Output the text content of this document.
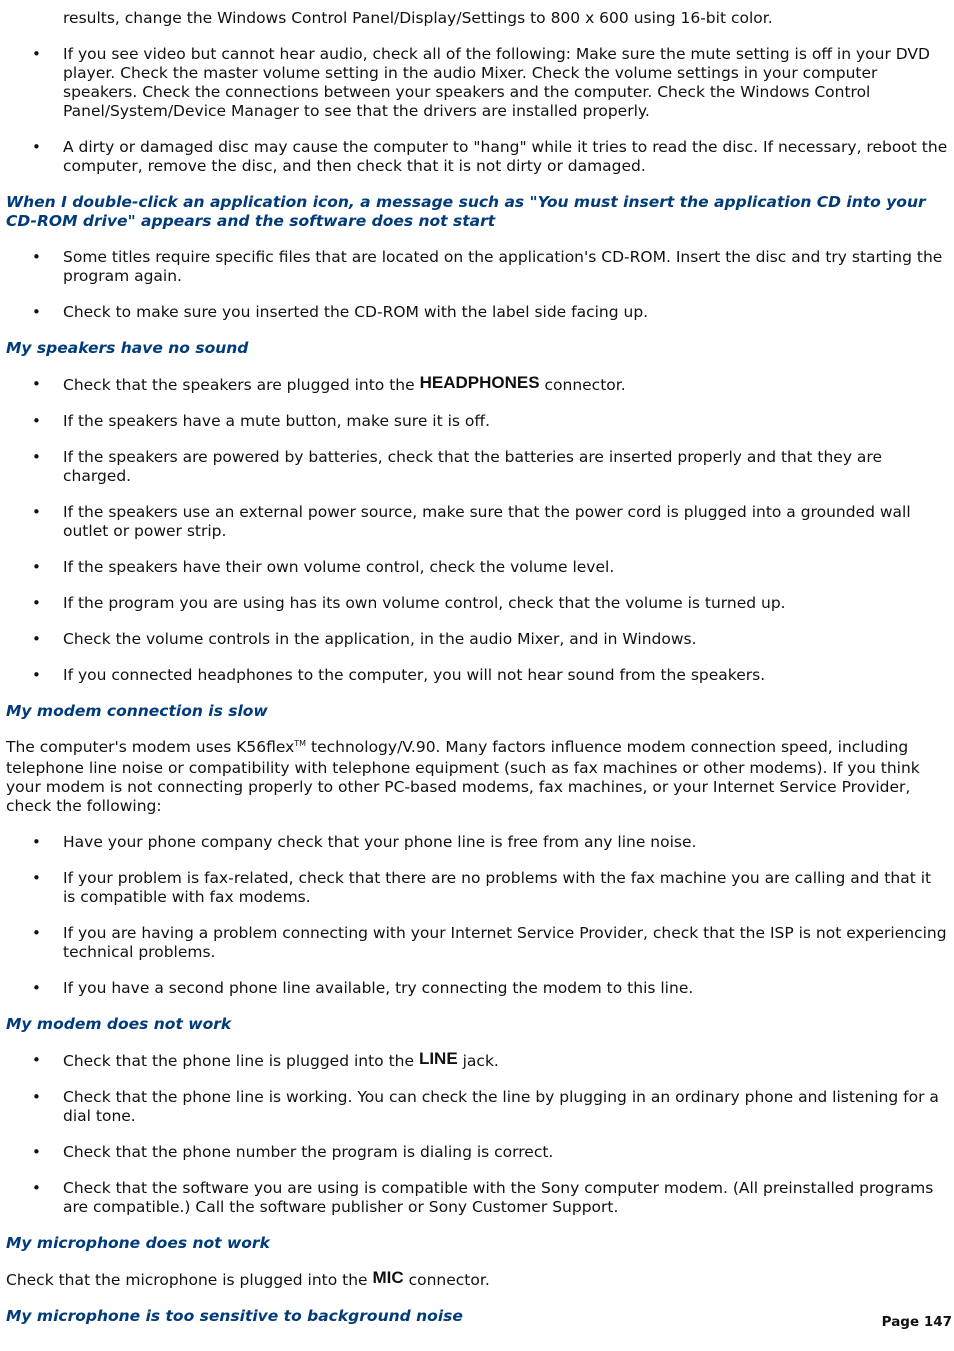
results, change the Windows Control Panel/Display/Settings to 800 x 600 using 16-bit color.
• If you see video but cannot hear audio, check all of the following: Make sure the mute setting is off in your DVD player. Check the master volume setting in the audio Mixer. Check the volume settings in your computer speakers. Check the connections between your speakers and the computer. Check the Windows Control Panel/System/Device Manager to see that the drivers are installed properly.
• A dirty or damaged disc may cause the computer to "hang" while it tries to read the disc. If necessary, reboot the computer, remove the disc, and then check that it is not dirty or damaged.
When I double-click an application icon, a message such as "You must insert the application CD into your CD-ROM drive" appears and the software does not start
• Some titles require specific files that are located on the application's CD-ROM. Insert the disc and try starting the program again.
• Check to make sure you inserted the CD-ROM with the label side facing up.
My speakers have no sound
• Check that the speakers are plugged into the HEADPHONES connector.
• If the speakers have a mute button, make sure it is off.
• If the speakers are powered by batteries, check that the batteries are inserted properly and that they are charged.
• If the speakers use an external power source, make sure that the power cord is plugged into a grounded wall outlet or power strip.
• If the speakers have their own volume control, check the volume level.
• If the program you are using has its own volume control, check that the volume is turned up.
• Check the volume controls in the application, in the audio Mixer, and in Windows.
• If you connected headphones to the computer, you will not hear sound from the speakers.
My modem connection is slow
The computer's modem uses K56flex™ technology/V.90. Many factors influence modem connection speed, including telephone line noise or compatibility with telephone equipment (such as fax machines or other modems). If you think your modem is not connecting properly to other PC-based modems, fax machines, or your Internet Service Provider, check the following:
• Have your phone company check that your phone line is free from any line noise.
• If your problem is fax-related, check that there are no problems with the fax machine you are calling and that it is compatible with fax modems.
• If you are having a problem connecting with your Internet Service Provider, check that the ISP is not experiencing technical problems.
• If you have a second phone line available, try connecting the modem to this line.
My modem does not work
• Check that the phone line is plugged into the LINE jack.
• Check that the phone line is working. You can check the line by plugging in an ordinary phone and listening for a dial tone.
• Check that the phone number the program is dialing is correct.
• Check that the software you are using is compatible with the Sony computer modem. (All preinstalled programs are compatible.) Call the software publisher or Sony Customer Support.
My microphone does not work
Check that the microphone is plugged into the MIC connector.
My microphone is too sensitive to background noise	Page 147
